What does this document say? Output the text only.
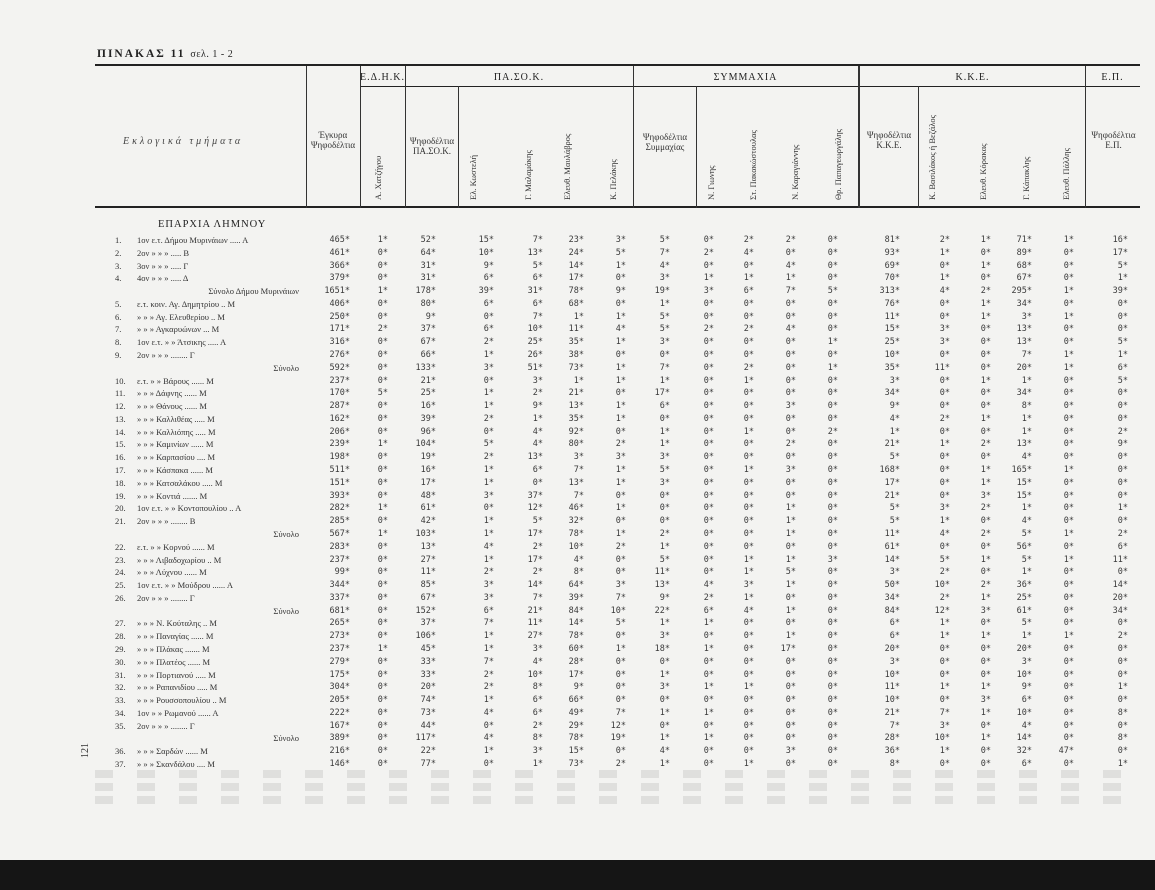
ΠΙΝΑΚΑΣ 11 σελ. 1 - 2
Ε.Δ.Η.Κ.	ΠΑ.ΣΟ.Κ.	ΣΥΜΜΑΧΙΑ	Κ.Κ.Ε.	Ε.Π.
Εκλογικά τμήματα
Έγκυρα Ψηφοδέλτια	Ψηφοδέλτια ΠΑ.ΣΟ.Κ.
Ψηφοδέλτια Συμμαχίας
Ψηφοδέλτια Κ.Κ.Ε.
Ψηφοδέλτια Ε.Π.
Α. Χατζήγου	Ελ. Κωστελή	Γ. Μαλαμάκης	Ελευθ. Μαυλάβρος	Κ. Πελάκης	Ν. Γιωνης	Στ. Πακακώστουλας	Ν. Καραγιάννης	Θρ. Παπαγεωργάλης	Κ. Βασιλάκος ή Βεζάλος	Ελευθ. Κόρακας	Γ. Κάπακλης	Ελευθ. Πάλλης
ΕΠΑΡΧΙΑ ΛΗΜΝΟΥ
1. 1ον ε.τ. Δήμου Μυρινάιων ..... Α	465*	1*	52*	15*	7*	23*	3*	5*	0*	2*	2*	0*	81*	2*	1*	71*	1*	16*
2. 2ον » » » ..... Β	461*	0*	64*	10*	13*	24*	5*	7*	2*	4*	0*	0*	93*	1*	0*	89*	0*	17*
3. 3ον » » » ..... Γ	366*	0*	31*	9*	5*	14*	1*	4*	0*	0*	4*	0*	69*	0*	1*	68*	0*	5*
4. 4ον » » » ..... Δ	379*	0*	31*	6*	6*	17*	0*	3*	1*	1*	1*	0*	70*	1*	0*	67*	0*	1*
Σύνολο Δήμου Μυρινάιων	1651*	1*	178*	39*	31*	78*	9*	19*	3*	6*	7*	5*	313*	4*	2* 295*	1*	39*
5. ε.τ. κοιν. Αγ. Δημητρίου .. Μ	406*	0*	80*	6*	6*	68*	0*	1*	0*	0*	0*	0*	76*	0*	1*	34*	0*	0*
6. » » » Αγ. Ελευθερίου .. Μ	250*	0*	9*	0*	7*	1*	1*	5*	0*	0*	0*	0*	11*	0*	1*	3*	1*	0*
7. » » » Αγκαρυώνων ... Μ	171*	2*	37*	6*	10*	11*	4*	5*	2*	2*	4*	0*	15*	3*	0*	13*	0*	0*
8. 1ον ε.τ. » » Άτσικης ..... Α	316*	0*	67*	2*	25*	35*	1*	3*	0*	0*	0*	1*	25*	3*	0*	13*	0*	5*
9. 2ον » » » ........ Γ	276*	0*	66*	1*	26*	38*	0*	0*	0*	0*	0*	0*	10*	0*	0*	7*	1*	1*
Σύνολο	592*	0*	133*	3*	51*	73*	1*	7*	0*	2*	0*	1*	35*	11*	0*	20*	1*	6*
10. ε.τ. » » Βάρους ...... Μ	237*	0*	21*	0*	3*	1*	1*	1*	0*	1*	0*	0*	3*	0*	1*	1*	0*	5*
11. » » » Δάφνης ...... Μ	170*	5*	25*	1*	2*	21*	0*	17*	0*	0*	0*	0*	34*	0*	0*	34*	0*	0*
12. » » » Θάνους ...... Μ	287*	0*	16*	1*	9*	13*	1*	6*	0*	0*	3*	0*	9*	0*	0*	8*	0*	0*
13. » » » Καλλιθέας ..... Μ	162*	0*	39*	2*	1*	35*	1*	0*	0*	0*	0*	0*	4*	2*	1*	1*	0*	0*
14. » » » Καλλιόπης ..... Μ	206*	0*	96*	0*	4*	92*	0*	1*	0*	1*	0*	2*	1*	0*	0*	1*	0*	2*
15. » » » Καμινίων ...... Μ	239*	1*	104*	5*	4*	80*	2*	1*	0*	0*	2*	0*	21*	1*	2*	13*	0*	9*
16. » » » Καρπασίου .... Μ	198*	0*	19*	2*	13*	3*	3*	3*	0*	0*	0*	0*	5*	0*	0*	4*	0*	0*
17. » » » Κάσπακα ...... Μ	511*	0*	16*	1*	6*	7*	1*	5*	0*	1*	3*	0*	168*	0*	1* 165*	1*	0*
18. » » » Κατσαλάκου ..... Μ	151*	0*	17*	1*	0*	13*	1*	3*	0*	0*	0*	0*	17*	0*	1*	15*	0*	0*
19. » » » Κοντιά ....... Μ	393*	0*	48*	3*	37*	7*	0*	0*	0*	0*	0*	0*	21*	0*	3*	15*	0*	0*
20. 1ον ε.τ. » » Κοντοπουλίου .. Α	282*	1*	61*	0*	12*	46*	1*	0*	0*	0*	1*	0*	5*	3*	2*	1*	0*	1*
21. 2ον » » » ........ Β	285*	0*	42*	1*	5*	32*	0*	0*	0*	0*	1*	0*	5*	1*	0*	4*	0*	0*
Σύνολο	567*	1*	103*	1*	17*	78*	1*	2*	0*	0*	1*	0*	11*	4*	2*	5*	1*	2*
22. ε.τ. » » Κορνού ...... Μ	283*	0*	13*	4*	2*	10*	2*	1*	0*	0*	0*	0*	61*	0*	0*	56*	0*	6*
23. » » » Λιβαδοχωρίου .. Μ	237*	0*	27*	1*	17*	4*	0*	5*	0*	1*	1*	3*	14*	5*	1*	5*	1*	11*
24. » » » Λύχνου ...... Μ	99*	0*	11*	2*	2*	8*	0*	11*	0*	1*	5*	0*	3*	2*	0*	1*	0*	0*
25. 1ον ε.τ. » » Μούδρου ...... Α	344*	0*	85*	3*	14*	64*	3*	13*	4*	3*	1*	0*	50*	10*	2*	36*	0*	14*
26. 2ον » » » ........ Γ	337*	0*	67*	3*	7*	39*	7*	9*	2*	1*	0*	0*	34*	2*	1*	25*	0*	20*
Σύνολο	681*	0*	152*	6*	21*	84*	10*	22*	6*	4*	1*	0*	84*	12*	3*	61*	0*	34*
27. » » » Ν. Κούταλης .. Μ	265*	0*	37*	7*	11*	14*	5*	1*	1*	0*	0*	0*	6*	1*	0*	5*	0*	0*
28. » » » Παναγίας ...... Μ	273*	0*	106*	1*	27*	78*	0*	3*	0*	0*	1*	0*	6*	1*	1*	1*	1*	2*
29. » » » Πλάκας ....... Μ	237*	1*	45*	1*	3*	60*	1*	18*	1*	0*	17*	0*	20*	0*	0*	20*	0*	0*
30. » » » Πλατέος ...... Μ	279*	0*	33*	7*	4*	28*	0*	0*	0*	0*	0*	0*	3*	0*	0*	3*	0*	0*
31. » » » Πορτιανού ..... Μ	175*	0*	33*	2*	10*	17*	0*	1*	0*	0*	0*	0*	10*	0*	0*	10*	0*	0*
32. » » » Ραπανιδίου ..... Μ	304*	0*	20*	2*	8*	9*	0*	3*	1*	1*	0*	0*	11*	1*	1*	9*	0*	1*
33. » » » Ρουσσοπουλίου .. Μ	205*	0*	74*	1*	6*	66*	0*	0*	0*	0*	0*	0*	10*	0*	3*	6*	0*	0*
34. 1ον » » Ρωμανού ...... Α	222*	0*	73*	4*	6*	49*	7*	1*	1*	0*	0*	0*	21*	7*	1*	10*	0*	8*
35. 2ον » » » ........ Γ	167*	0*	44*	0*	2*	29*	12*	0*	0*	0*	0*	0*	7*	3*	0*	4*	0*	0*
Σύνολο	389*	0*	117*	4*	8*	78*	19*	1*	1*	0*	0*	0*	28*	10*	1*	14*	0*	8*
36. » » » Σαρδών ...... Μ	216*	0*	22*	1*	3*	15*	0*	4*	0*	0*	3*	0*	36*	1*	0*	32*	47*	0*
37. » » » Σκανδάλου .... Μ	146*	0*	77*	0*	1*	73*	2*	1*	0*	1*	0*	0*	8*	0*	0*	6*	0*	1*
121
